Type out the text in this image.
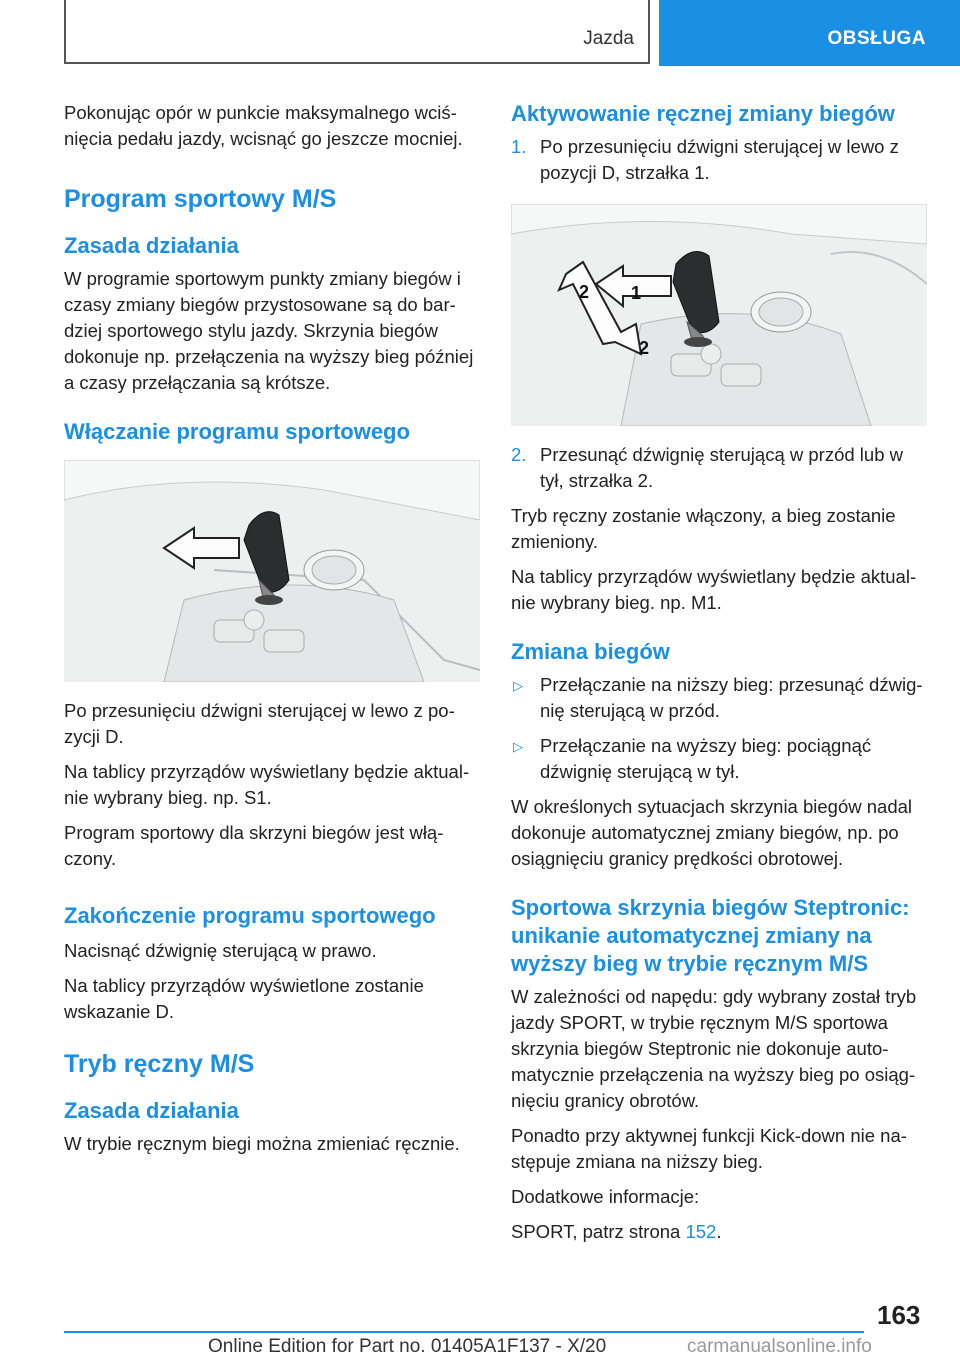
Jazda	OBSŁUGA

Pokonując opór w punkcie maksymalnego wciś-nięcia pedału jazdy, wcisnąć go jeszcze mocniej.

Program sportowy M/S
Zasada działania

W programie sportowym punkty zmiany biegów i czasy zmiany biegów przystosowane są do bar-dziej sportowego stylu jazdy. Skrzynia biegów dokonuje np. przełączenia na wyższy bieg później a czasy przełączania są krótsze.

Włączanie programu sportowego

Po przesunięciu dźwigni sterującej w lewo z po-zycji D.

Na tablicy przyrządów wyświetlany będzie aktual-nie wybrany bieg. np. S1.

Program sportowy dla skrzyni biegów jest włą-czony.

Zakończenie programu sportowego

Nacisnąć dźwignię sterującą w prawo.

Na tablicy przyrządów wyświetlone zostanie wskazanie D.

Tryb ręczny M/S
Zasada działania

W trybie ręcznym biegi można zmieniać ręcznie.

Aktywowanie ręcznej zmiany biegów
1. Po przesunięciu dźwigni sterującej w lewo z pozycji D, strzałka 1.
1
2
2
2. Przesunąć dźwignię sterującą w przód lub w tył, strzałka 2.

Tryb ręczny zostanie włączony, a bieg zostanie zmieniony.

Na tablicy przyrządów wyświetlany będzie aktual-nie wybrany bieg. np. M1.

Zmiana biegów
▷ Przełączanie na niższy bieg: przesunąć dźwig-nię sterującą w przód.
▷ Przełączanie na wyższy bieg: pociągnąć dźwignię sterującą w tył.

W określonych sytuacjach skrzynia biegów nadal dokonuje automatycznej zmiany biegów, np. po osiągnięciu granicy prędkości obrotowej.

Sportowa skrzynia biegów Steptronic: unikanie automatycznej zmiany na wyższy bieg w trybie ręcznym M/S

W zależności od napędu: gdy wybrany został tryb jazdy SPORT, w trybie ręcznym M/S sportowa skrzynia biegów Steptronic nie dokonuje auto-matycznie przełączenia na wyższy bieg po osiąg-nięciu granicy obrotów.

Ponadto przy aktywnej funkcji Kick-down nie na-stępuje zmiana na niższy bieg.

Dodatkowe informacje:

SPORT, patrz strona 152.

163
Online Edition for Part no. 01405A1F137 - X/20	carmanualsonline.info
